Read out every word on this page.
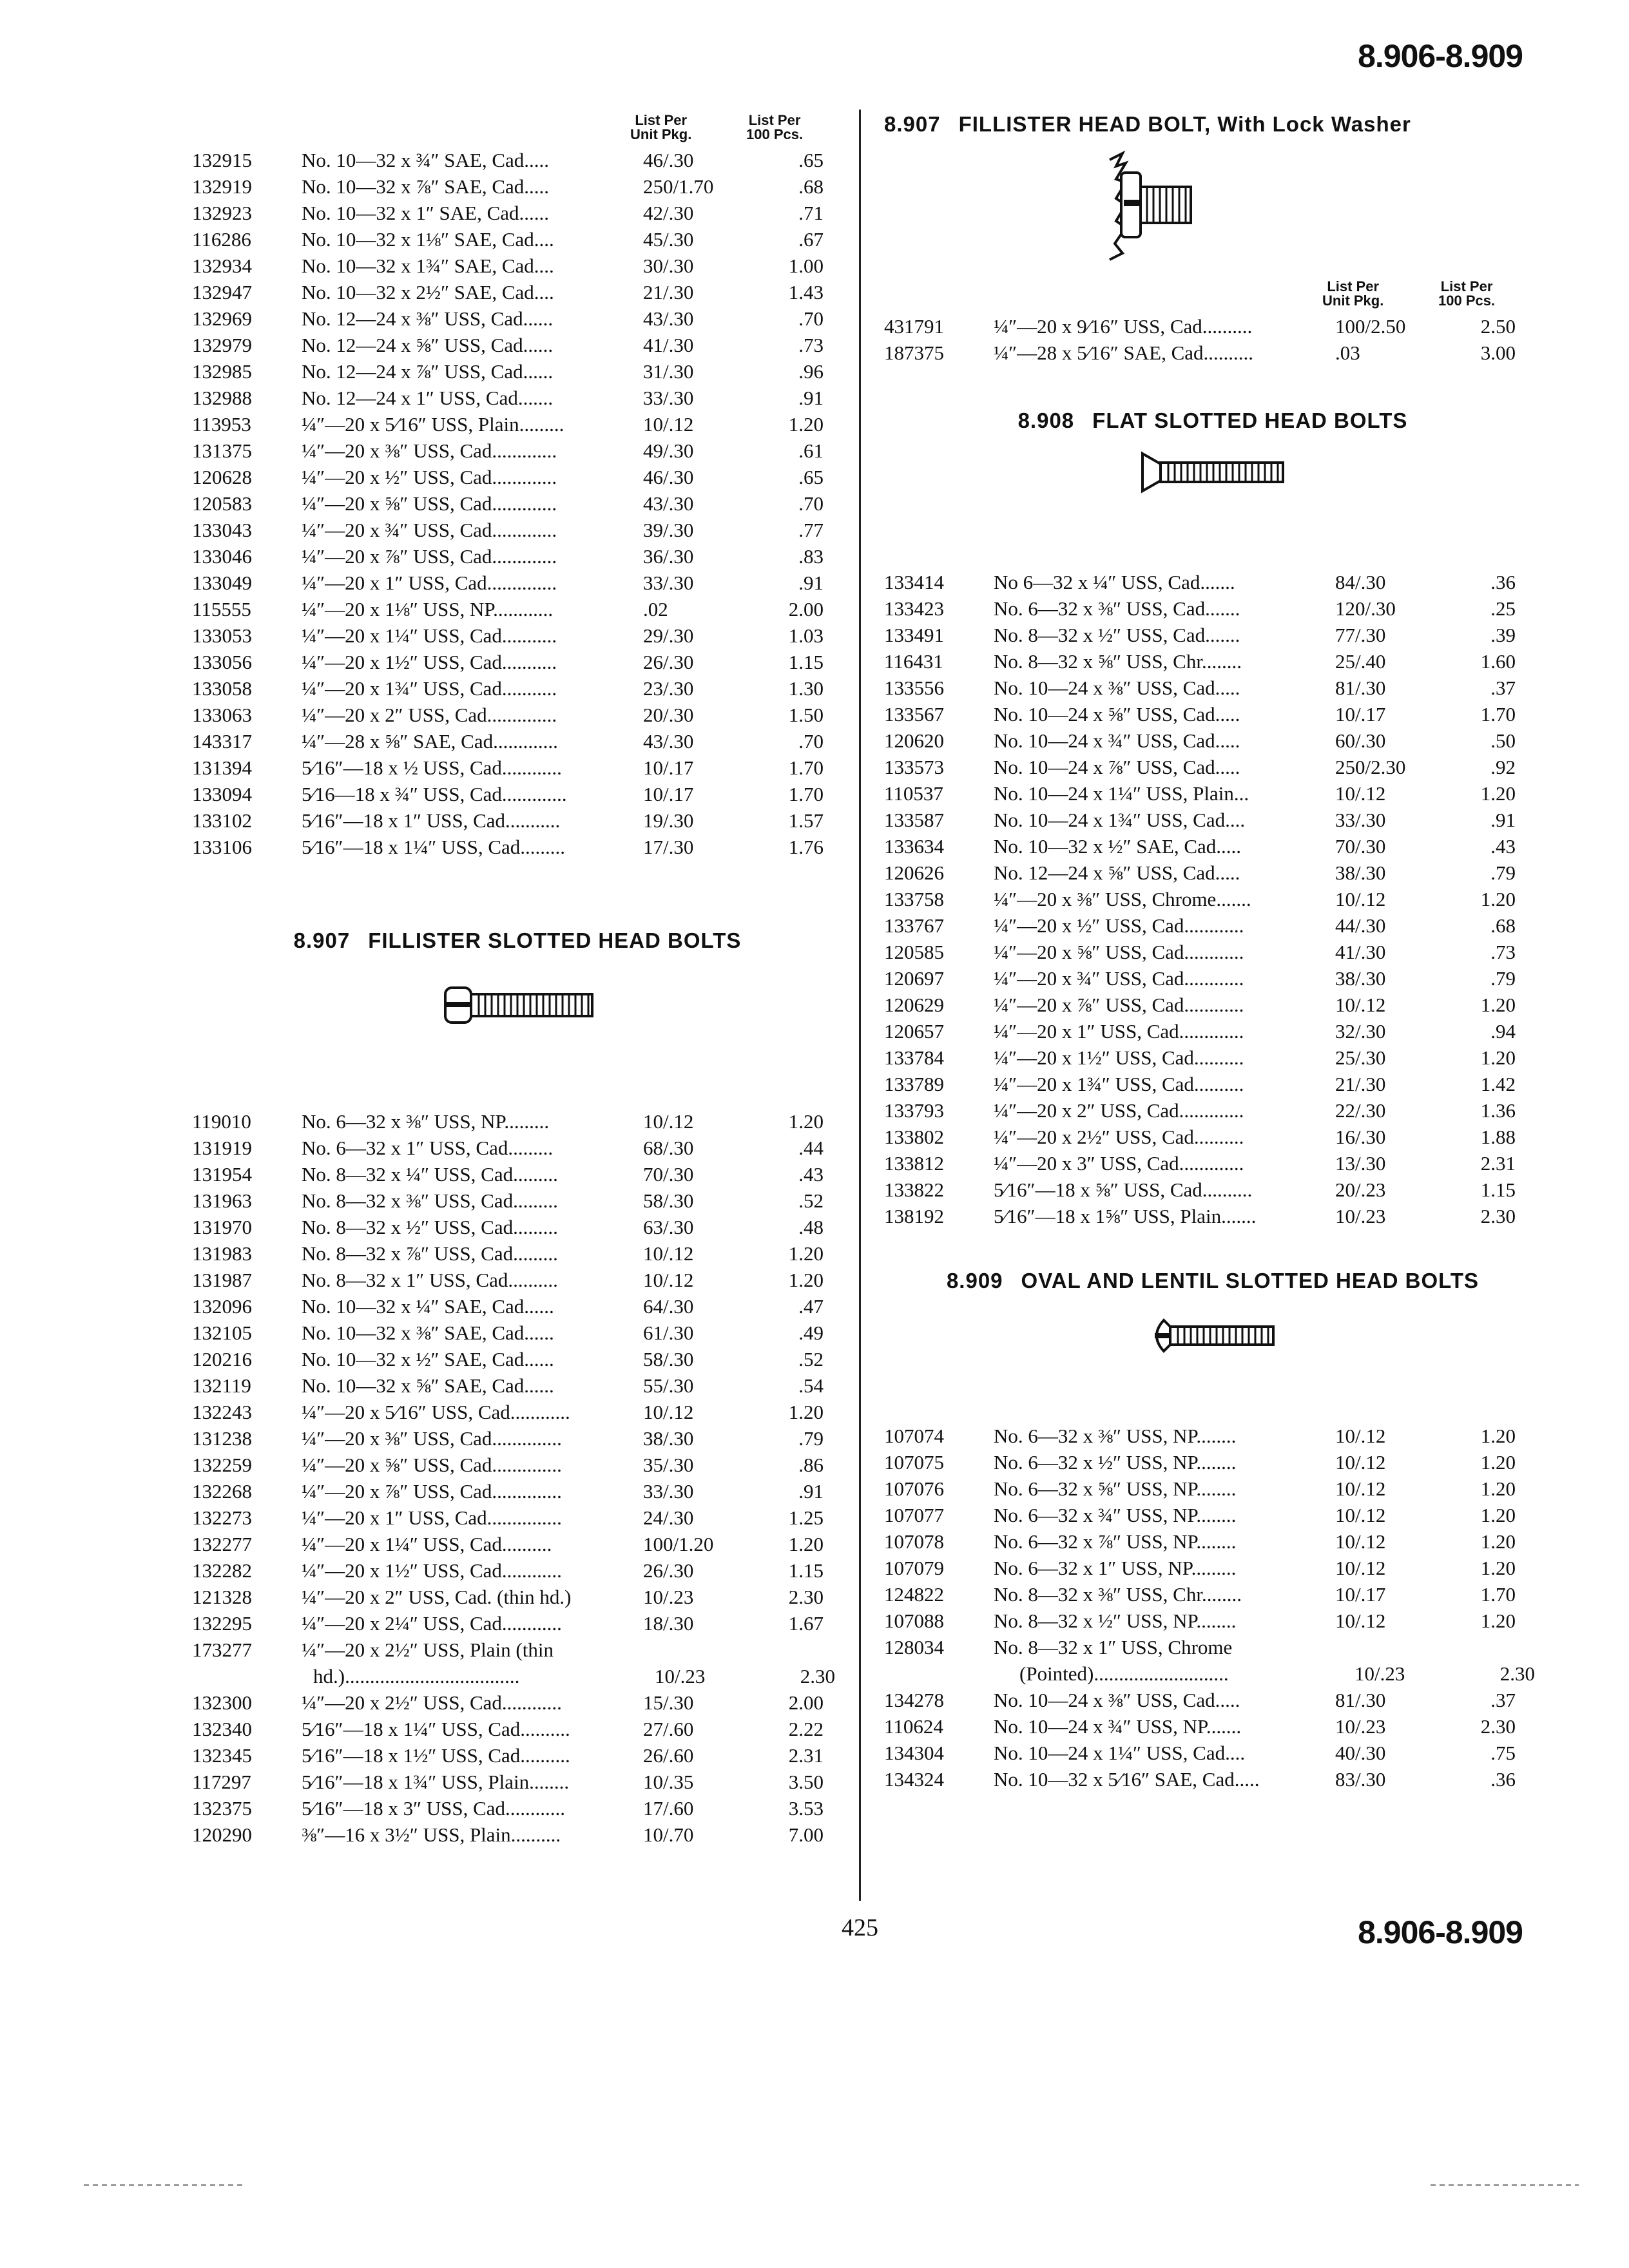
8.906-8.909
List Per
Unit Pkg.
List Per
100 Pcs.
132915	No. 10—32 x ¾″ SAE, Cad.....	46/.30	.65
132919	No. 10—32 x ⅞″ SAE, Cad.....	250/1.70	.68
132923	No. 10—32 x 1″ SAE, Cad......	42/.30	.71
116286	No. 10—32 x 1⅛″ SAE, Cad....	45/.30	.67
132934	No. 10—32 x 1¾″ SAE, Cad....	30/.30	1.00
132947	No. 10—32 x 2½″ SAE, Cad....	21/.30	1.43
132969	No. 12—24 x ⅜″ USS, Cad......	43/.30	.70
132979	No. 12—24 x ⅝″ USS, Cad......	41/.30	.73
132985	No. 12—24 x ⅞″ USS, Cad......	31/.30	.96
132988	No. 12—24 x 1″ USS, Cad.......	33/.30	.91
113953	¼″—20 x 5⁄16″ USS, Plain.........	10/.12	1.20
131375	¼″—20 x ⅜″ USS, Cad.............	49/.30	.61
120628	¼″—20 x ½″ USS, Cad.............	46/.30	.65
120583	¼″—20 x ⅝″ USS, Cad.............	43/.30	.70
133043	¼″—20 x ¾″ USS, Cad.............	39/.30	.77
133046	¼″—20 x ⅞″ USS, Cad.............	36/.30	.83
133049	¼″—20 x 1″ USS, Cad..............	33/.30	.91
115555	¼″—20 x 1⅛″ USS, NP............	.02	2.00
133053	¼″—20 x 1¼″ USS, Cad...........	29/.30	1.03
133056	¼″—20 x 1½″ USS, Cad...........	26/.30	1.15
133058	¼″—20 x 1¾″ USS, Cad...........	23/.30	1.30
133063	¼″—20 x 2″ USS, Cad..............	20/.30	1.50
143317	¼″—28 x ⅝″ SAE, Cad.............	43/.30	.70
131394	5⁄16″—18 x ½ USS, Cad............	10/.17	1.70
133094	5⁄16—18 x ¾″ USS, Cad.............	10/.17	1.70
133102	5⁄16″—18 x 1″ USS, Cad...........	19/.30	1.57
133106	5⁄16″—18 x 1¼″ USS, Cad.........	17/.30	1.76
8.907 FILLISTER SLOTTED HEAD BOLTS
119010	No. 6—32 x ⅜″ USS, NP.........	10/.12	1.20
131919	No. 6—32 x 1″ USS, Cad.........	68/.30	.44
131954	No. 8—32 x ¼″ USS, Cad.........	70/.30	.43
131963	No. 8—32 x ⅜″ USS, Cad.........	58/.30	.52
131970	No. 8—32 x ½″ USS, Cad.........	63/.30	.48
131983	No. 8—32 x ⅞″ USS, Cad.........	10/.12	1.20
131987	No. 8—32 x 1″ USS, Cad..........	10/.12	1.20
132096	No. 10—32 x ¼″ SAE, Cad......	64/.30	.47
132105	No. 10—32 x ⅜″ SAE, Cad......	61/.30	.49
120216	No. 10—32 x ½″ SAE, Cad......	58/.30	.52
132119	No. 10—32 x ⅝″ SAE, Cad......	55/.30	.54
132243	¼″—20 x 5⁄16″ USS, Cad............	10/.12	1.20
131238	¼″—20 x ⅜″ USS, Cad..............	38/.30	.79
132259	¼″—20 x ⅝″ USS, Cad..............	35/.30	.86
132268	¼″—20 x ⅞″ USS, Cad..............	33/.30	.91
132273	¼″—20 x 1″ USS, Cad...............	24/.30	1.25
132277	¼″—20 x 1¼″ USS, Cad..........	100/1.20	1.20
132282	¼″—20 x 1½″ USS, Cad............	26/.30	1.15
121328	¼″—20 x 2″ USS, Cad. (thin hd.)	10/.23	2.30
132295	¼″—20 x 2¼″ USS, Cad............	18/.30	1.67
173277	¼″—20 x 2½″ USS, Plain (thin
hd.)...................................	10/.23	2.30
132300	¼″—20 x 2½″ USS, Cad............	15/.30	2.00
132340	5⁄16″—18 x 1¼″ USS, Cad..........	27/.60	2.22
132345	5⁄16″—18 x 1½″ USS, Cad..........	26/.60	2.31
117297	5⁄16″—18 x 1¾″ USS, Plain........	10/.35	3.50
132375	5⁄16″—18 x 3″ USS, Cad............	17/.60	3.53
120290	⅜″—16 x 3½″ USS, Plain..........	10/.70	7.00
8.907 FILLISTER HEAD BOLT, With Lock Washer
List Per
Unit Pkg.
List Per
100 Pcs.
431791	¼″—20 x 9⁄16″ USS, Cad..........	100/2.50	2.50
187375	¼″—28 x 5⁄16″ SAE, Cad..........	.03	3.00
8.908 FLAT SLOTTED HEAD BOLTS
133414	No 6—32 x ¼″ USS, Cad.......	84/.30	.36
133423	No. 6—32 x ⅜″ USS, Cad.......	120/.30	.25
133491	No. 8—32 x ½″ USS, Cad.......	77/.30	.39
116431	No. 8—32 x ⅝″ USS, Chr........	25/.40	1.60
133556	No. 10—24 x ⅜″ USS, Cad.....	81/.30	.37
133567	No. 10—24 x ⅝″ USS, Cad.....	10/.17	1.70
120620	No. 10—24 x ¾″ USS, Cad.....	60/.30	.50
133573	No. 10—24 x ⅞″ USS, Cad.....	250/2.30	.92
110537	No. 10—24 x 1¼″ USS, Plain...	10/.12	1.20
133587	No. 10—24 x 1¾″ USS, Cad....	33/.30	.91
133634	No. 10—32 x ½″ SAE, Cad.....	70/.30	.43
120626	No. 12—24 x ⅝″ USS, Cad.....	38/.30	.79
133758	¼″—20 x ⅜″ USS, Chrome.......	10/.12	1.20
133767	¼″—20 x ½″ USS, Cad............	44/.30	.68
120585	¼″—20 x ⅝″ USS, Cad............	41/.30	.73
120697	¼″—20 x ¾″ USS, Cad............	38/.30	.79
120629	¼″—20 x ⅞″ USS, Cad............	10/.12	1.20
120657	¼″—20 x 1″ USS, Cad.............	32/.30	.94
133784	¼″—20 x 1½″ USS, Cad..........	25/.30	1.20
133789	¼″—20 x 1¾″ USS, Cad..........	21/.30	1.42
133793	¼″—20 x 2″ USS, Cad.............	22/.30	1.36
133802	¼″—20 x 2½″ USS, Cad..........	16/.30	1.88
133812	¼″—20 x 3″ USS, Cad.............	13/.30	2.31
133822	5⁄16″—18 x ⅝″ USS, Cad..........	20/.23	1.15
138192	5⁄16″—18 x 1⅝″ USS, Plain.......	10/.23	2.30
8.909 OVAL AND LENTIL SLOTTED HEAD BOLTS
107074	No. 6—32 x ⅜″ USS, NP........	10/.12	1.20
107075	No. 6—32 x ½″ USS, NP........	10/.12	1.20
107076	No. 6—32 x ⅝″ USS, NP........	10/.12	1.20
107077	No. 6—32 x ¾″ USS, NP........	10/.12	1.20
107078	No. 6—32 x ⅞″ USS, NP........	10/.12	1.20
107079	No. 6—32 x 1″ USS, NP.........	10/.12	1.20
124822	No. 8—32 x ⅜″ USS, Chr........	10/.17	1.70
107088	No. 8—32 x ½″ USS, NP........	10/.12	1.20
128034	No. 8—32 x 1″ USS, Chrome
(Pointed)...........................	10/.23	2.30
134278	No. 10—24 x ⅜″ USS, Cad.....	81/.30	.37
110624	No. 10—24 x ¾″ USS, NP.......	10/.23	2.30
134304	No. 10—24 x 1¼″ USS, Cad....	40/.30	.75
134324	No. 10—32 x 5⁄16″ SAE, Cad.....	83/.30	.36
425	8.906-8.909
